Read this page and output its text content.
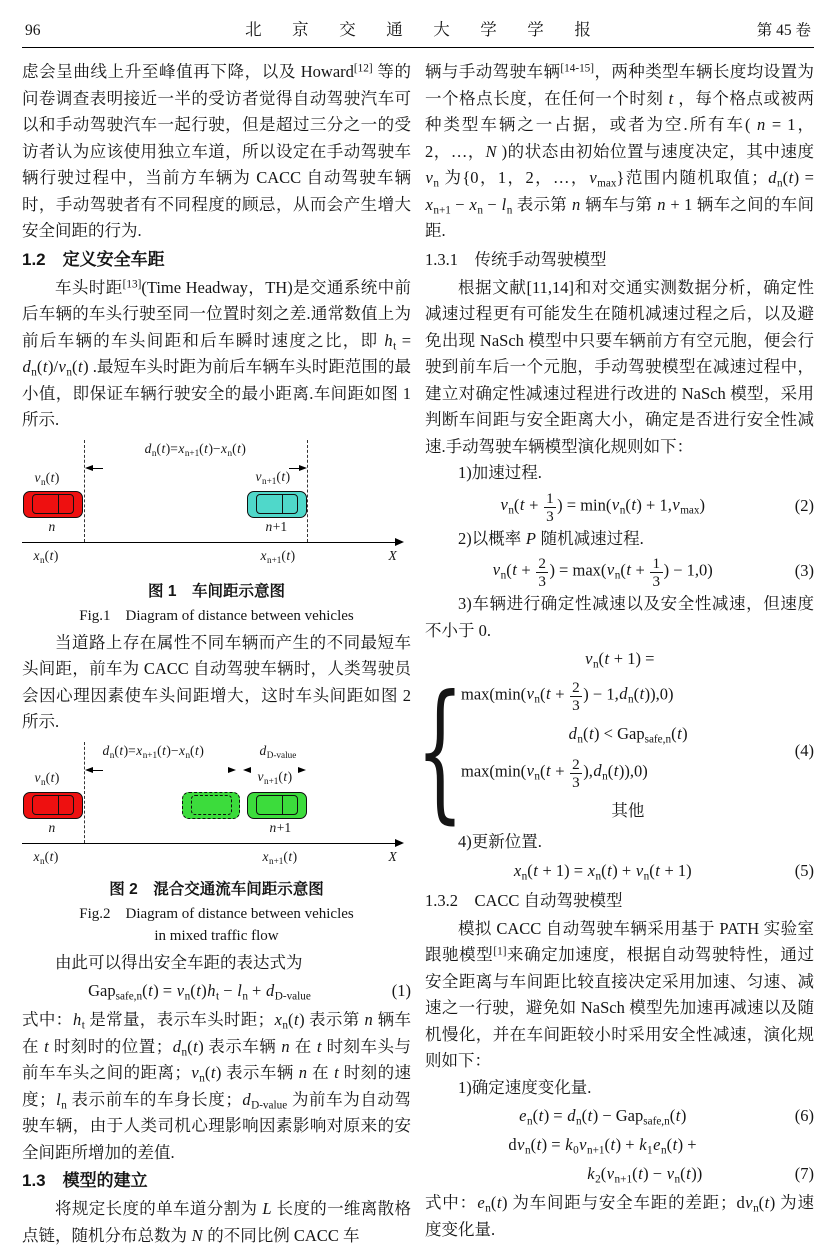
96	北京交通大学学报	第 45 卷

虑会呈曲线上升至峰值再下降，以及 Howard[12] 等的问卷调查表明接近一半的受访者觉得自动驾驶汽车可以和手动驾驶汽车一起行驶，但是超过三分之一的受访者认为应该使用独立车道，所以设定在手动驾驶车辆行驶过程中，当前方车辆为 CACC 自动驾驶车辆时，手动驾驶者有不同程度的顾忌，从而会产生增大安全间距的行为.

1.2　定义安全车距

车头时距[13](Time Headway，TH)是交通系统中前后车辆的车头行驶至同一位置时刻之差.通常数值上为前后车辆的车头间距和后车瞬时速度之比，即 $h_t = d_n(t)/v_n(t)$ .最短车头时距为前后车辆车头时距范围的最小值，即保证车辆行驶安全的最小距离.车间距如图 1 所示.

$d_n(t)=x_{n+1}(t)-x_n(t)$
$v_n(t)$
n
$v_{n+1}(t)$
n+1
$x_n(t)$	$x_{n+1}(t)$	X
图 1　车间距示意图
Fig.1　Diagram of distance between vehicles

当道路上存在属性不同车辆而产生的不同最短车头间距，前车为 CACC 自动驾驶车辆时，人类驾驶员会因心理因素使车头间距增大，这时车头间距如图 2 所示.

$d_n(t)=x_{n+1}(t)-x_n(t)$	$d_{D-value}$
$v_n(t)$
n
$v_{n+1}(t)$
n+1
$x_n(t)$	$x_{n+1}(t)$	X
图 2　混合交通流车间距示意图
Fig.2　Diagram of distance between vehicles
in mixed traffic flow

由此可以得出安全车距的表达式为

$Gap_{safe,n}(t) = v_n(t)h_t - l_n + d_{D-value}$	(1)

式中：$h_t$ 是常量，表示车头时距；$x_n(t)$ 表示第 n 辆车在 t 时刻时的位置；$d_n(t)$ 表示车辆 n 在 t 时刻车头与前车车头之间的距离；$v_n(t)$ 表示车辆 n 在 t 时刻的速度；$l_n$ 表示前车的车身长度；$d_{D-value}$ 为前车为自动驾驶车辆，由于人类司机心理影响因素影响对原来的安全间距所增加的差值.

1.3　模型的建立

将规定长度的单车道分割为 L 长度的一维离散格点链，随机分布总数为 N 的不同比例 CACC 车

辆与手动驾驶车辆[14-15]，两种类型车辆长度均设置为一个格点长度，在任何一个时刻 t ，每个格点或被两种类型车辆之一占据，或者为空.所有车( n = 1，2，…，N )的状态由初始位置与速度决定，其中速度 $v_n$ 为{0，1，2，…，$v_{max}$}范围内随机取值；$d_n(t) = x_{n+1} - x_n - l_n$ 表示第 n 辆车与第 n + 1 辆车之间的车间距.

1.3.1　传统手动驾驶模型

根据文献[11,14]和对交通实测数据分析，确定性减速过程更有可能发生在随机减速过程之后，以及避免出现 NaSch 模型中只要车辆前方有空元胞，便会行驶到前车后一个元胞，手动驾驶模型在减速过程中，建立对确定性减速过程进行改进的 NaSch 模型，采用判断车间距与安全距离大小，确定是否进行安全性减速.手动驾驶车辆模型演化规则如下：

1)加速过程.

$v_n(t + \frac{1}{3}$ ) = $\min(v_n(t) + 1,v_{max})$	(2)

2)以概率 P 随机减速过程.

$v_n(t + \frac{2}{3}$ ) = $\max(v_n(t + \frac{1}{3}$ ) − 1,0)	(3)

3)车辆进行确定性减速以及安全性减速，但速度不小于 0.

$v_n(t + 1)$ =
{
$\max(\min(v_n(t + \frac{2}{3}$ ) − $1,d_n(t)),0$)
$d_n(t) < Gap_{safe,n}(t)$
$\max(\min(v_n(t + \frac{2}{3} ),d_n(t)),0)$
其他
(4)

4)更新位置.

$x_n(t + 1) = x_n(t) + v_n(t + 1)$	(5)
1.3.2　CACC 自动驾驶模型

模拟 CACC 自动驾驶车辆采用基于 PATH 实验室跟驰模型[1]来确定加速度，根据自动驾驶特性，通过安全距离与车间距比较直接决定采用加速、匀速、减速之一行驶，避免如 NaSch 模型先加速再减速以及随机慢化，并在车间距较小时采用安全性减速，演化规则如下：

1)确定速度变化量.

$e_n(t) = d_n(t) - Gap_{safe,n}(t)$	(6)
$dv_n(t) = k_0v_{n+1}(t) + k_1e_n(t)$ +
$k_2(v_{n+1}(t) - v_n(t))$	(7)

式中：$e_n(t)$ 为车间距与安全车距的差距；$dv_n(t)$ 为速度变化量.
